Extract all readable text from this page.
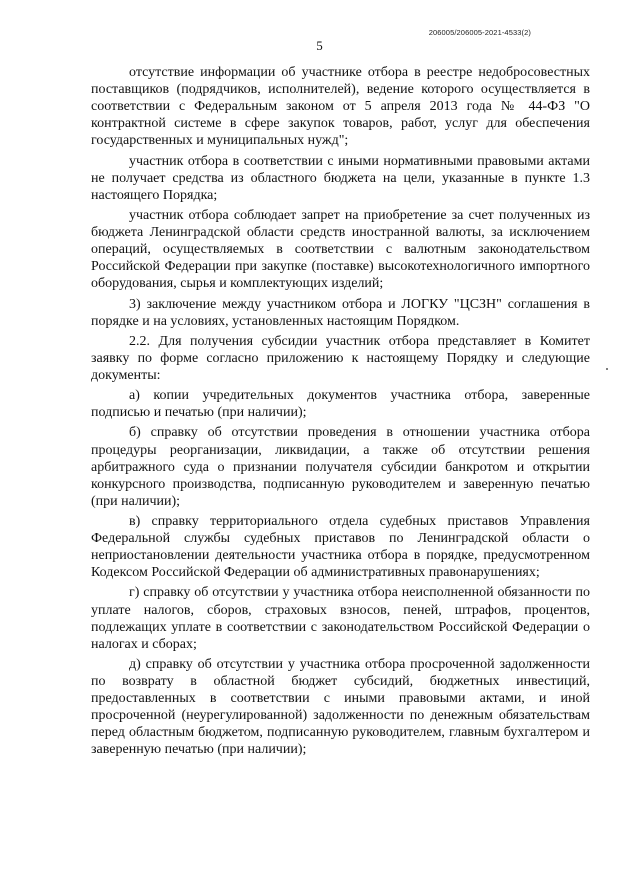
206005/206005-2021-4533(2)
5

отсутствие информации об участнике отбора в реестре недобросовестных поставщиков (подрядчиков, исполнителей), ведение которого осуществляется в соответствии с Федеральным законом от 5 апреля 2013 года № 44-ФЗ "О контрактной системе в сфере закупок товаров, работ, услуг для обеспечения государственных и муниципальных нужд";

участник отбора в соответствии с иными нормативными правовыми актами не получает средства из областного бюджета на цели, указанные в пункте 1.3 настоящего Порядка;

участник отбора соблюдает запрет на приобретение за счет полученных из бюджета Ленинградской области средств иностранной валюты, за исключением операций, осуществляемых в соответствии с валютным законодательством Российской Федерации при закупке (поставке) высокотехнологичного импортного оборудования, сырья и комплектующих изделий;

3) заключение между участником отбора и ЛОГКУ "ЦСЗН" соглашения в порядке и на условиях, установленных настоящим Порядком.

2.2. Для получения субсидии участник отбора представляет в Комитет заявку по форме согласно приложению к настоящему Порядку и следующие документы:

а) копии учредительных документов участника отбора, заверенные подписью и печатью (при наличии);

б) справку об отсутствии проведения в отношении участника отбора процедуры реорганизации, ликвидации, а также об отсутствии решения арбитражного суда о признании получателя субсидии банкротом и открытии конкурсного производства, подписанную руководителем и заверенную печатью (при наличии);

в) справку территориального отдела судебных приставов Управления Федеральной службы судебных приставов по Ленинградской области о неприостановлении деятельности участника отбора в порядке, предусмотренном Кодексом Российской Федерации об административных правонарушениях;

г) справку об отсутствии у участника отбора неисполненной обязанности по уплате налогов, сборов, страховых взносов, пеней, штрафов, процентов, подлежащих уплате в соответствии с законодательством Российской Федерации о налогах и сборах;

д) справку об отсутствии у участника отбора просроченной задолженности по возврату в областной бюджет субсидий, бюджетных инвестиций, предоставленных в соответствии с иными правовыми актами, и иной просроченной (неурегулированной) задолженности по денежным обязательствам перед областным бюджетом, подписанную руководителем, главным бухгалтером и заверенную печатью (при наличии);
